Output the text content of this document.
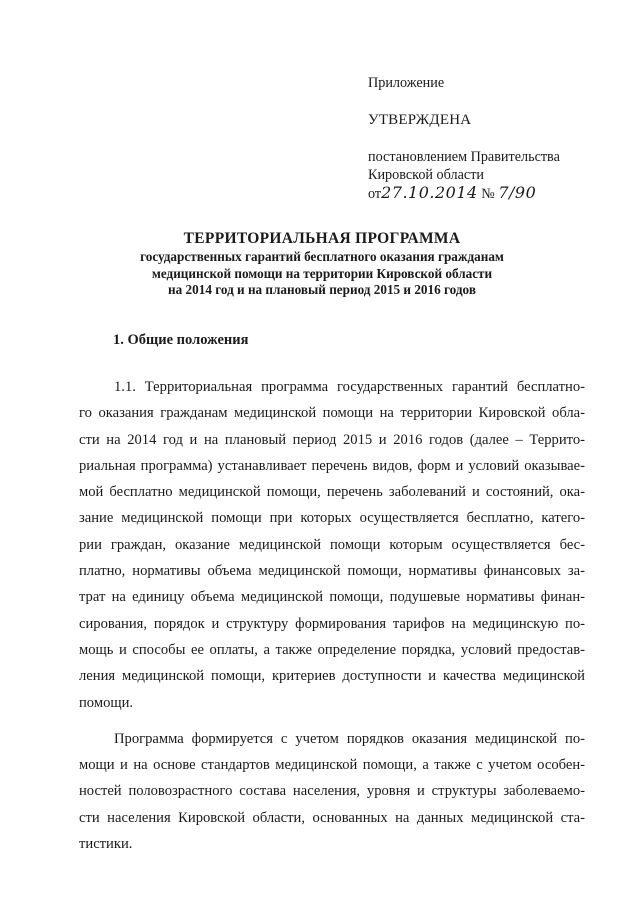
Приложение
УТВЕРЖДЕНА
постановлением Правительства
Кировской области
от27.10.2014 № 7/90
ТЕРРИТОРИАЛЬНАЯ ПРОГРАММА
государственных гарантий бесплатного оказания гражданам
медицинской помощи на территории Кировской области
на 2014 год и на плановый период 2015 и 2016 годов
1. Общие положения
1.1. Территориальная программа государственных гарантий бесплатно-
го оказания гражданам медицинской помощи на территории Кировской обла-
сти на 2014 год и на плановый период 2015 и 2016 годов (далее – Террито-
риальная программа) устанавливает перечень видов, форм и условий оказывае-
мой бесплатно медицинской помощи, перечень заболеваний и состояний, ока-
зание медицинской помощи при которых осуществляется бесплатно, катего-
рии граждан, оказание медицинской помощи которым осуществляется бес-
платно, нормативы объема медицинской помощи, нормативы финансовых за-
трат на единицу объема медицинской помощи, подушевые нормативы финан-
сирования, порядок и структуру формирования тарифов на медицинскую по-
мощь и способы ее оплаты, а также определение порядка, условий предостав-
ления медицинской помощи, критериев доступности и качества медицинской
помощи.
Программа формируется с учетом порядков оказания медицинской по-
мощи и на основе стандартов медицинской помощи, а также с учетом особен-
ностей половозрастного состава населения, уровня и структуры заболеваемо-
сти населения Кировской области, основанных на данных медицинской ста-
тистики.
